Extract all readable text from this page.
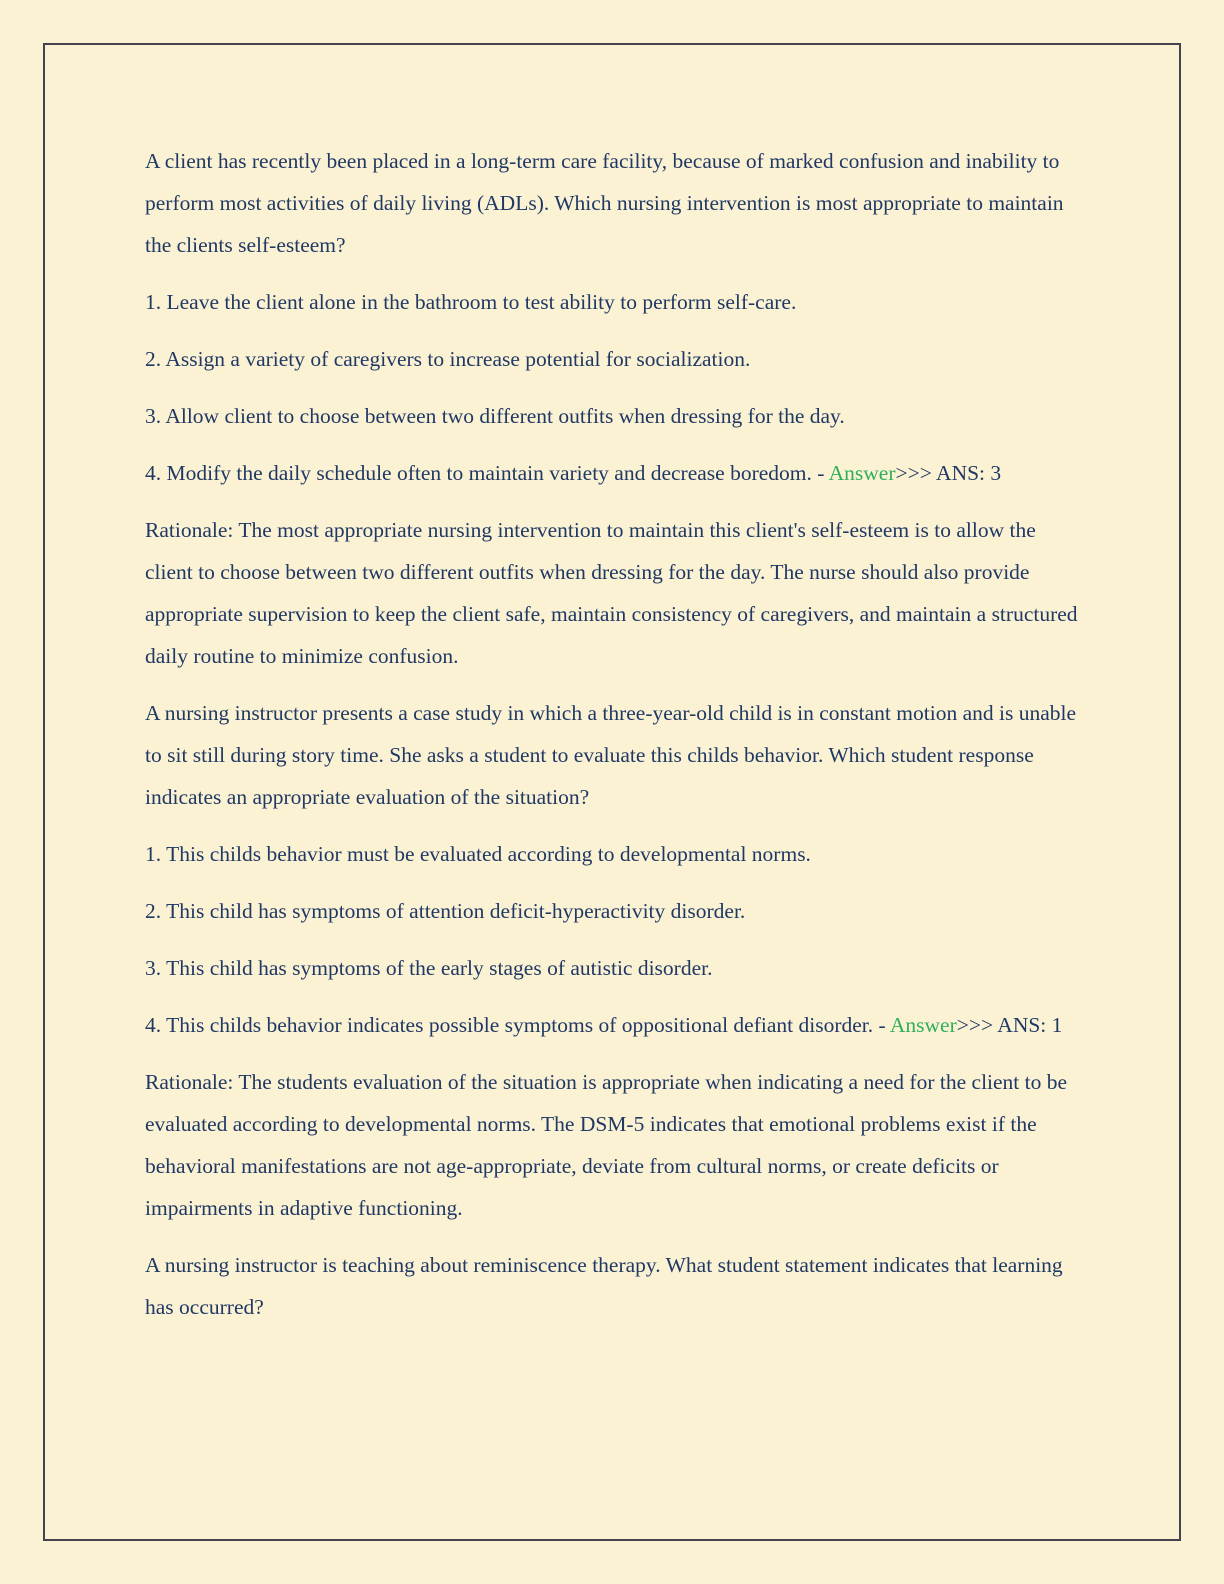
A client has recently been placed in a long-term care facility, because of marked confusion and inability to perform most activities of daily living (ADLs). Which nursing intervention is most appropriate to maintain the clients self-esteem?

1. Leave the client alone in the bathroom to test ability to perform self-care.

2. Assign a variety of caregivers to increase potential for socialization.

3. Allow client to choose between two different outfits when dressing for the day.

4. Modify the daily schedule often to maintain variety and decrease boredom. - Answer>>> ANS: 3

Rationale: The most appropriate nursing intervention to maintain this client's self-esteem is to allow the client to choose between two different outfits when dressing for the day. The nurse should also provide appropriate supervision to keep the client safe, maintain consistency of caregivers, and maintain a structured daily routine to minimize confusion.

A nursing instructor presents a case study in which a three-year-old child is in constant motion and is unable to sit still during story time. She asks a student to evaluate this childs behavior. Which student response indicates an appropriate evaluation of the situation?

1. This childs behavior must be evaluated according to developmental norms.

2. This child has symptoms of attention deficit-hyperactivity disorder.

3. This child has symptoms of the early stages of autistic disorder.

4. This childs behavior indicates possible symptoms of oppositional defiant disorder. - Answer>>> ANS: 1

Rationale: The students evaluation of the situation is appropriate when indicating a need for the client to be evaluated according to developmental norms. The DSM-5 indicates that emotional problems exist if the behavioral manifestations are not age-appropriate, deviate from cultural norms, or create deficits or impairments in adaptive functioning.

A nursing instructor is teaching about reminiscence therapy. What student statement indicates that learning has occurred?
